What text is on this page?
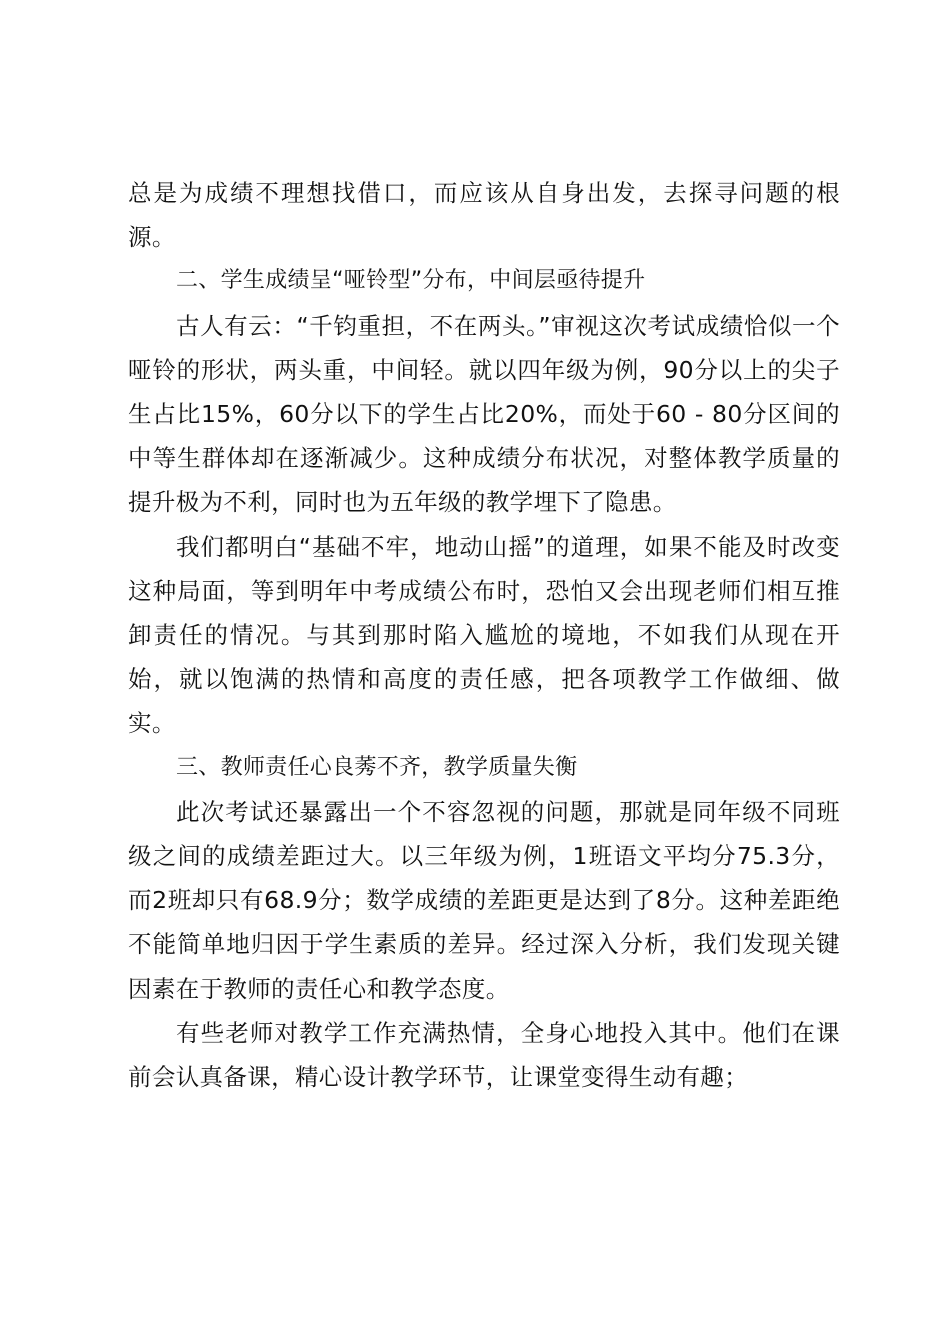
总是为成绩不理想找借口，而应该从自身出发，去探寻问题的根源。

二、学生成绩呈“哑铃型”分布，中间层亟待提升

古人有云：“千钧重担，不在两头。”审视这次考试成绩恰似一个哑铃的形状，两头重，中间轻。就以四年级为例，90分以上的尖子生占比15%，60分以下的学生占比20%，而处于60 - 80分区间的中等生群体却在逐渐减少。这种成绩分布状况，对整体教学质量的提升极为不利，同时也为五年级的教学埋下了隐患。

我们都明白“基础不牢，地动山摇”的道理，如果不能及时改变这种局面，等到明年中考成绩公布时，恐怕又会出现老师们相互推卸责任的情况。与其到那时陷入尴尬的境地，不如我们从现在开始，就以饱满的热情和高度的责任感，把各项教学工作做细、做实。

三、教师责任心良莠不齐，教学质量失衡

此次考试还暴露出一个不容忽视的问题，那就是同年级不同班级之间的成绩差距过大。以三年级为例，1班语文平均分75.3分，而2班却只有68.9分；数学成绩的差距更是达到了8分。这种差距绝不能简单地归因于学生素质的差异。经过深入分析，我们发现关键因素在于教师的责任心和教学态度。

有些老师对教学工作充满热情，全身心地投入其中。他们在课前会认真备课，精心设计教学环节，让课堂变得生动有趣；
